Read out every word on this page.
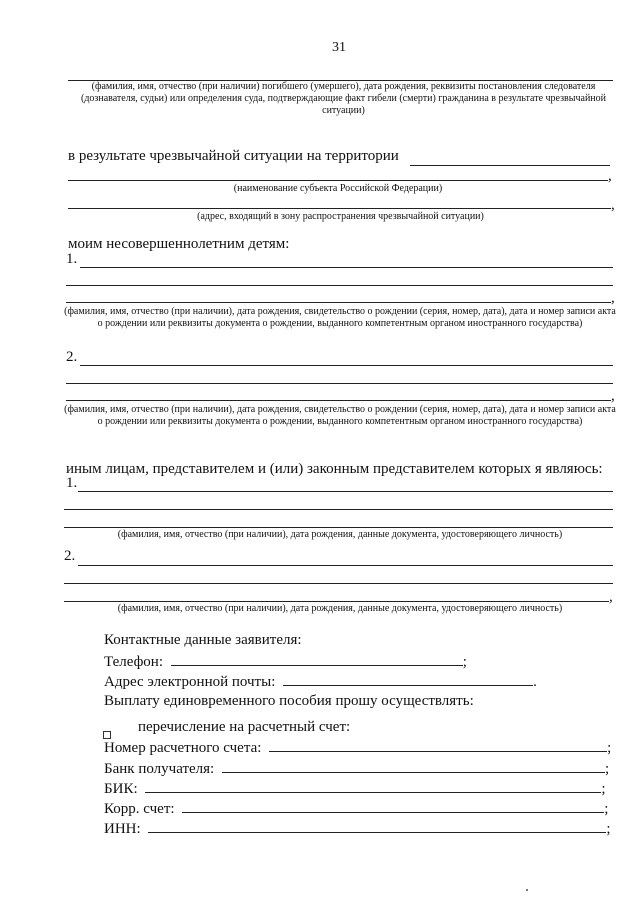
31
(фамилия, имя, отчество (при наличии) погибшего (умершего), дата рождения, реквизиты постановления следователя (дознавателя, судьи) или определения суда, подтверждающие факт гибели (смерти) гражданина в результате чрезвычайной ситуации)
в результате чрезвычайной ситуации на территории
,
(наименование субъекта Российской Федерации)
,
(адрес, входящий в зону распространения чрезвычайной ситуации)
моим несовершеннолетним детям:
1.
,
(фамилия, имя, отчество (при наличии), дата рождения, свидетельство о рождении (серия, номер, дата), дата и номер записи акта о рождении или реквизиты документа о рождении, выданного компетентным органом иностранного государства)
2.
,
(фамилия, имя, отчество (при наличии), дата рождения, свидетельство о рождении (серия, номер, дата), дата и номер записи акта о рождении или реквизиты документа о рождении, выданного компетентным органом иностранного государства)
иным лицам, представителем и (или) законным представителем которых я являюсь:
1.
(фамилия, имя, отчество (при наличии), дата рождения, данные документа, удостоверяющего личность)
2.
,
(фамилия, имя, отчество (при наличии), дата рождения, данные документа, удостоверяющего личность)
Контактные данные заявителя:
Телефон:	;
Адрес электронной почты:	.
Выплату единовременного пособия прошу осуществлять:
перечисление на расчетный счет:
Номер расчетного счета:	;
Банк получателя:	;
БИК:	;
Корр. счет:	;
ИНН:	;
